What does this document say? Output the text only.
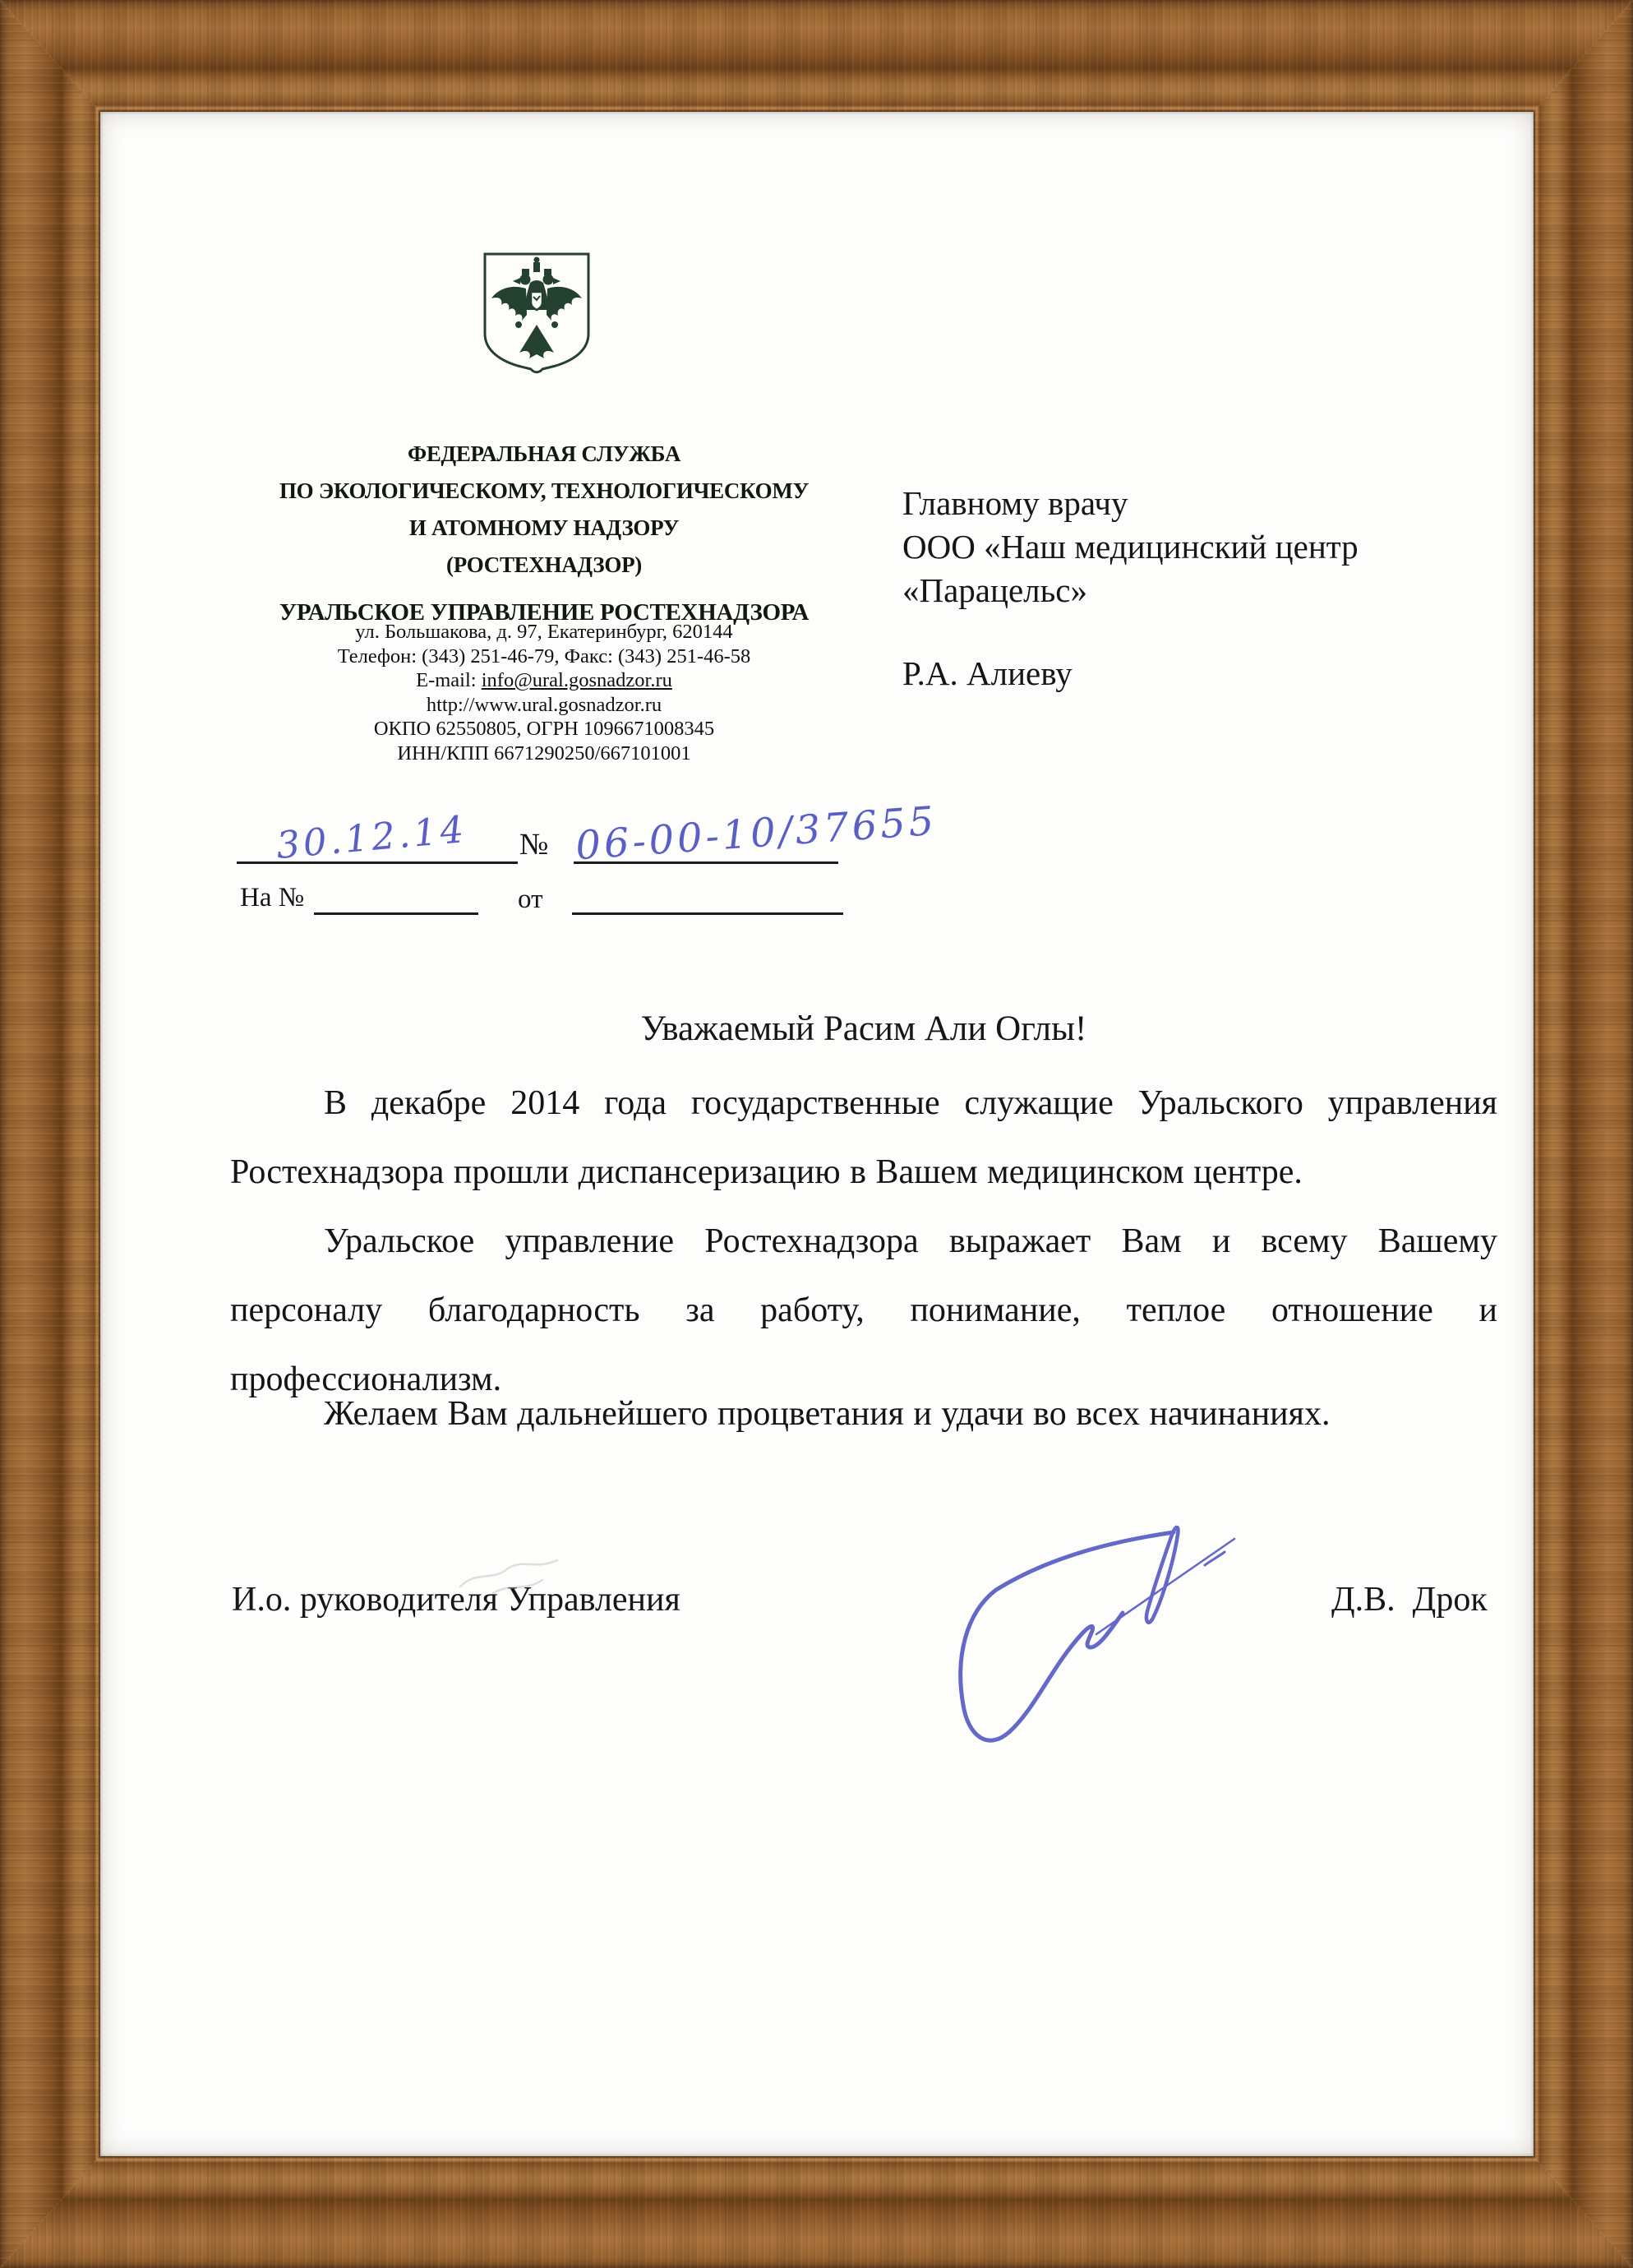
ФЕДЕРАЛЬНАЯ СЛУЖБА
ПО ЭКОЛОГИЧЕСКОМУ, ТЕХНОЛОГИЧЕСКОМУ
И АТОМНОМУ НАДЗОРУ
(РОСТЕХНАДЗОР)
УРАЛЬСКОЕ УПРАВЛЕНИЕ РОСТЕХНАДЗОРА
ул. Большакова, д. 97, Екатеринбург, 620144
Телефон: (343) 251-46-79, Факс: (343) 251-46-58
E-mail: info@ural.gosnadzor.ru
http://www.ural.gosnadzor.ru
ОКПО 62550805, ОГРН 1096671008345
ИНН/КПП 6671290250/667101001
Главному врачу
ООО «Наш медицинский центр
«Парацельс»
Р.А. Алиеву
№
30.12.14	06-00-10/37655
На №	от
Уважаемый Расим Али Оглы!

В декабре 2014 года государственные служащие Уральского управления Ростехнадзора прошли диспансеризацию в Вашем медицинском центре.

Уральское управление Ростехнадзора выражает Вам и всему Вашему персоналу благодарность за работу, понимание, теплое отношение и профессионализм.

Желаем Вам дальнейшего процветания и удачи во всех начинаниях.

И.о. руководителя Управления	Д.В.  Дрок
